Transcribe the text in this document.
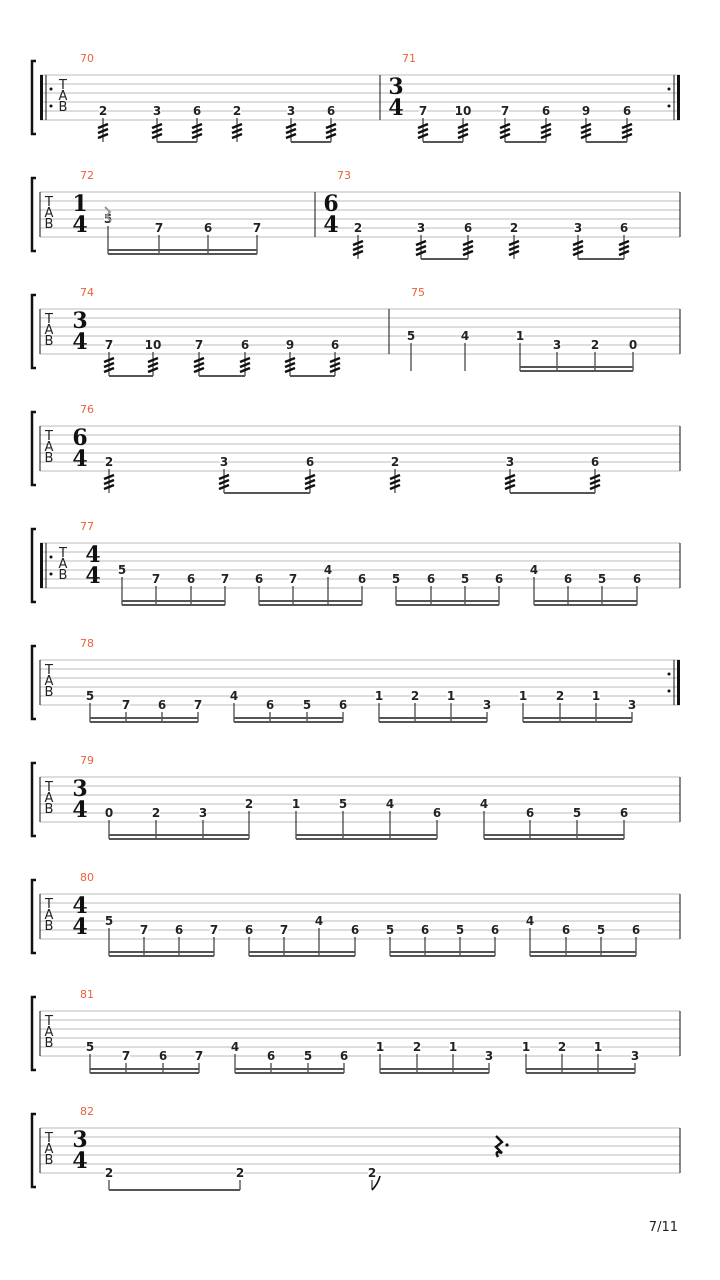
T
A
B
70
2	3	6	2	3	6
71
3
4 7 10 7	6	9	6
T
A
B
72
1
4 5
7	6	7
73
6
4 2	3	6	2	3	6
T
A
B
74
3
4 7	10	7	6	9	6
75
5	4	1
3 2 0
T
A
B
76
6
4 2	3	6	2	3	6
T
A
B
77
4
4 5
7 6 7 6 7
4
6 5 6 5 6
4
6 5 6
T
A
B
78
5
7 6 7
4
6 5 6
1 2 1
3
1 2 1
3
T
A
B
79
3
4 0	2	3
2	1	5	4
6
4
6	5	6
T
A
B
80
4
4 5
7 6 7 6 7
4
6 5 6 5 6
4
6 5 6
T
A
B
81
5
7 6 7
4
6 5 6
1 2 1
3
1 2 1
3
T
A
B
82
3
4 2	2	2
7/11
